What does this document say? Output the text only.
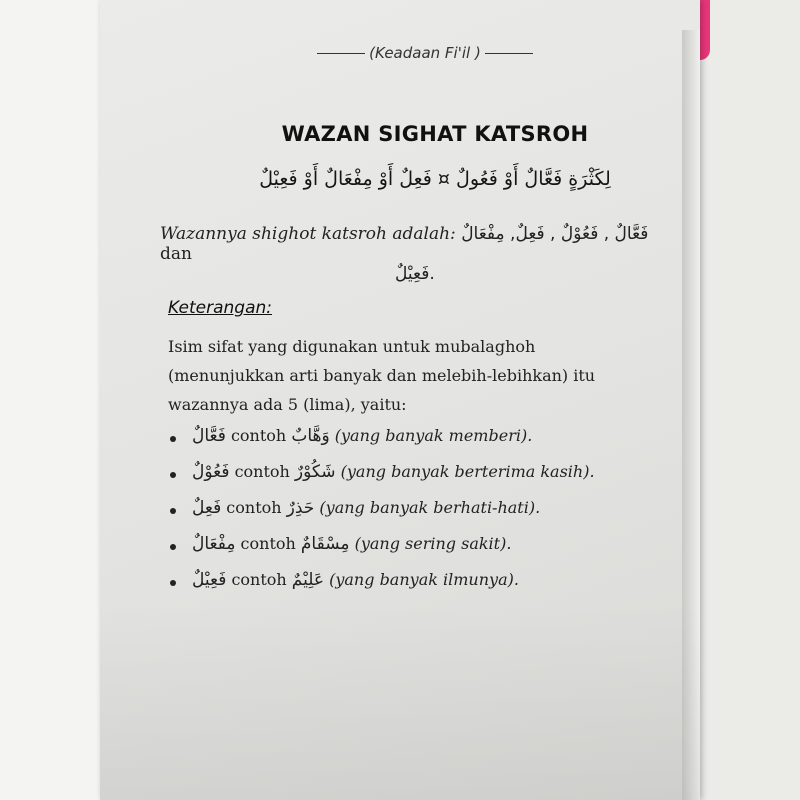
(Keadaan Fi'il )
WAZAN SIGHAT KATSROH
لِكَثْرَةٍ فَعَّالٌ أَوْ فَعُولٌ ¤ فَعِلٌ أَوْ مِفْعَالٌ أَوْ فَعِيْلٌ
Wazannya shighot katsroh adalah: فَعَّالٌ , فَعُوْلٌ , فَعِلٌ, مِفْعَالٌ dan
فَعِيْلٌ.
Keterangan:

Isim sifat yang digunakan untuk mubalaghoh

(menunjukkan arti banyak dan melebih-lebihkan) itu

wazannya ada 5 (lima), yaitu:

فَعَّالٌ contoh وَهَّابٌ (yang banyak memberi).
فَعُوْلٌ contoh شَكُوْرٌ (yang banyak berterima kasih).
فَعِلٌ contoh حَذِرٌ (yang banyak berhati-hati).
مِفْعَالٌ contoh مِسْقَامٌ (yang sering sakit).
فَعِيْلٌ contoh عَلِيْمٌ (yang banyak ilmunya).
